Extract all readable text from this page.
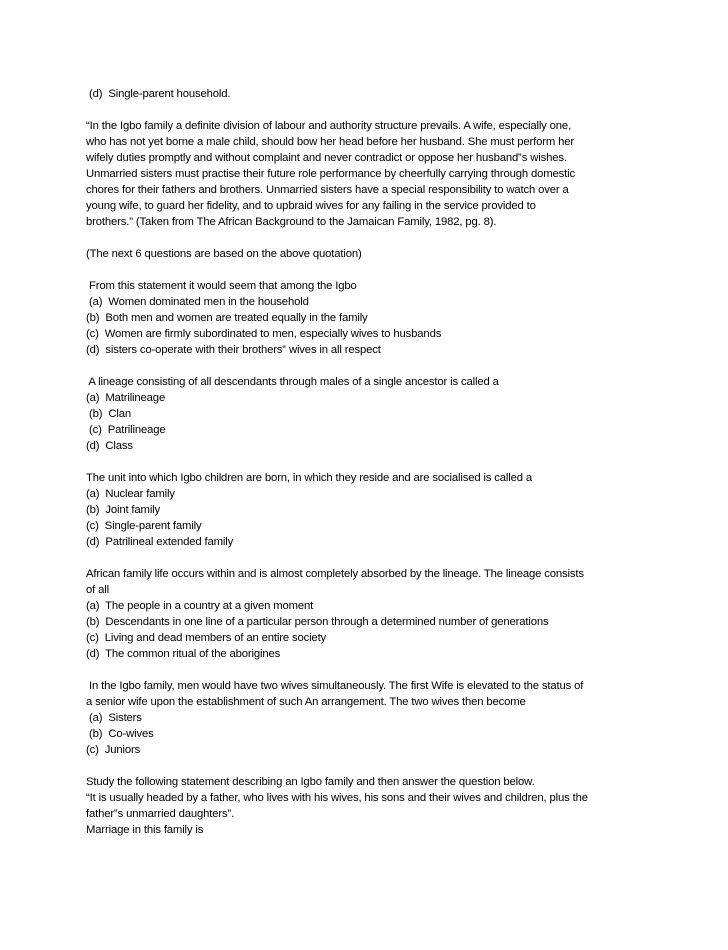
(d)  Single-parent household.
“In the Igbo family a definite division of labour and authority structure prevails. A wife, especially one,
who has not yet borne a male child, should bow her head before her husband. She must perform her
wifely duties promptly and without complaint and never contradict or oppose her husband‟s wishes.
Unmarried sisters must practise their future role performance by cheerfully carrying through domestic
chores for their fathers and brothers. Unmarried sisters have a special responsibility to watch over a
young wife, to guard her fidelity, and to upbraid wives for any failing in the service provided to
brothers.” (Taken from The African Background to the Jamaican Family, 1982, pg. 8).
(The next 6 questions are based on the above quotation)
From this statement it would seem that among the Igbo
(a)  Women dominated men in the household
(b)  Both men and women are treated equally in the family
(c)  Women are firmly subordinated to men, especially wives to husbands
(d)  sisters co-operate with their brothers‟ wives in all respect
A lineage consisting of all descendants through males of a single ancestor is called a
(a)  Matrilineage
(b)  Clan
(c)  Patrilineage
(d)  Class
The unit into which Igbo children are born, in which they reside and are socialised is called a
(a)  Nuclear family
(b)  Joint family
(c)  Single-parent family
(d)  Patrilineal extended family
African family life occurs within and is almost completely absorbed by the lineage. The lineage consists
of all
(a)  The people in a country at a given moment
(b)  Descendants in one line of a particular person through a determined number of generations
(c)  Living and dead members of an entire society
(d)  The common ritual of the aborigines
In the Igbo family, men would have two wives simultaneously. The first Wife is elevated to the status of
a senior wife upon the establishment of such An arrangement. The two wives then become
(a)  Sisters
(b)  Co-wives
(c)  Juniors
Study the following statement describing an Igbo family and then answer the question below.
“It is usually headed by a father, who lives with his wives, his sons and their wives and children, plus the
father‟s unmarried daughters”.
Marriage in this family is
